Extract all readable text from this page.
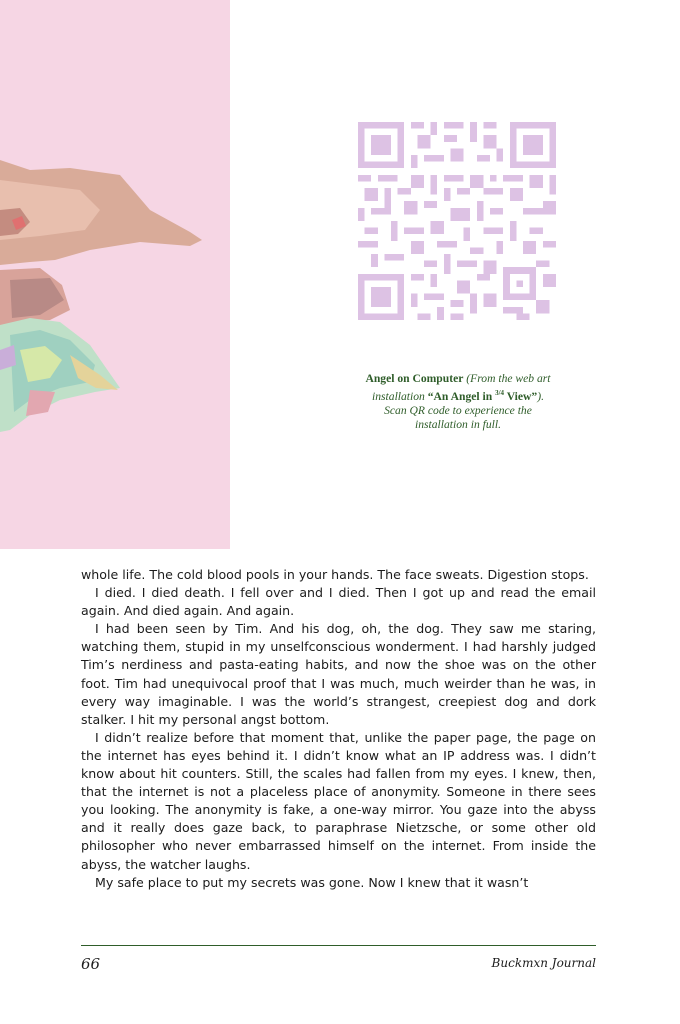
Angel on Computer (From the web art installation “An Angel in $^{3/4}$ View”). Scan QR code to experience the installation in full.

whole life. The cold blood pools in your hands. The face sweats. Digestion stops.

I died. I died death. I fell over and I died. Then I got up and read the email again. And died again. And again.

I had been seen by Tim. And his dog, oh, the dog. They saw me staring, watching them, stupid in my unselfconscious wonderment. I had harshly judged Tim’s nerdiness and pasta-eating habits, and now the shoe was on the other foot. Tim had unequivocal proof that I was much, much weirder than he was, in every way imaginable. I was the world’s strangest, creepiest dog and dork stalker. I hit my personal angst bottom.

I didn’t realize before that moment that, unlike the paper page, the page on the internet has eyes behind it. I didn’t know what an IP address was. I didn’t know about hit counters. Still, the scales had fallen from my eyes. I knew, then, that the internet is not a placeless place of anonymity. Someone in there sees you looking. The anonymity is fake, a one-way mirror. You gaze into the abyss and it really does gaze back, to paraphrase Nietzsche, or some other old philosopher who never embarrassed himself on the internet. From inside the abyss, the watcher laughs.

My safe place to put my secrets was gone. Now I knew that it wasn’t

66	Buckmxn Journal
